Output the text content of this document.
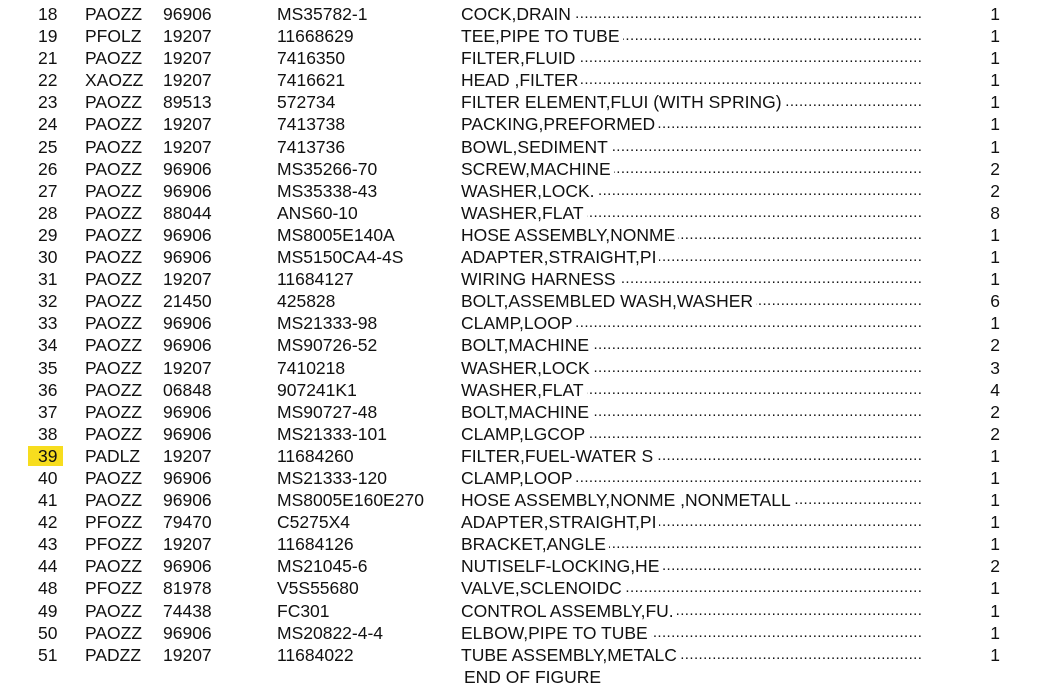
18 PAOZZ 96906	MS35782-1	COCK,DRAIN .....	1
19 PFOLZ 19207	11668629	TEE,PIPE TO TUBE .....	1
21 PAOZZ 19207	7416350	FILTER,FLUID .....	1
22 XAOZZ 19207	7416621	HEAD ,FILTER .....	1
23 PAOZZ 89513	572734	FILTER ELEMENT,FLUI (WITH SPRING) .....	1
24 PAOZZ 19207	7413738	PACKING,PREFORMED .....	1
25 PAOZZ 19207	7413736	BOWL,SEDIMENT .....	1
26 PAOZZ 96906	MS35266-70	SCREW,MACHINE .....	2
27 PAOZZ 96906	MS35338-43	WASHER,LOCK. .....	2
28 PAOZZ 88044	ANS60-10	WASHER,FLAT .....	8
29 PAOZZ 96906	MS8005E140A	HOSE ASSEMBLY,NONME .....	1
30 PAOZZ 96906	MS5150CA4-4S	ADAPTER,STRAIGHT,PI .....	1
31 PAOZZ 19207	11684127	WIRING HARNESS .....	1
32 PAOZZ 21450	425828	BOLT,ASSEMBLED WASH,WASHER .....	6
33 PAOZZ 96906	MS21333-98	CLAMP,LOOP .....	1
34 PAOZZ 96906	MS90726-52	BOLT,MACHINE .....	2
35 PAOZZ 19207	7410218	WASHER,LOCK .....	3
36 PAOZZ 06848	907241K1	WASHER,FLAT .....	4
37 PAOZZ 96906	MS90727-48	BOLT,MACHINE .....	2
38 PAOZZ 96906	MS21333-101	CLAMP,LGCOP .....	2
39	PADLZ 19207	11684260	FILTER,FUEL-WATER S .....	1
40 PAOZZ 96906	MS21333-120	CLAMP,LOOP .....	1
41 PAOZZ 96906	MS8005E160E270 HOSE ASSEMBLY,NONME ,NONMETALL .....	1
42 PFOZZ 79470	C5275X4	ADAPTER,STRAIGHT,PI .....	1
43 PFOZZ 19207	11684126	BRACKET,ANGLE .....	1
44 PAOZZ 96906	MS21045-6	NUTISELF-LOCKING,HE .....	2
48 PFOZZ 81978	V5S55680	VALVE,SCLENOIDC .....	1
49 PAOZZ 74438	FC301	CONTROL ASSEMBLY,FU. .....	1
50 PAOZZ 96906	MS20822-4-4	ELBOW,PIPE TO TUBE .....	1
51 PADZZ 19207	11684022	TUBE ASSEMBLY,METALC .....	1
END OF FIGURE
